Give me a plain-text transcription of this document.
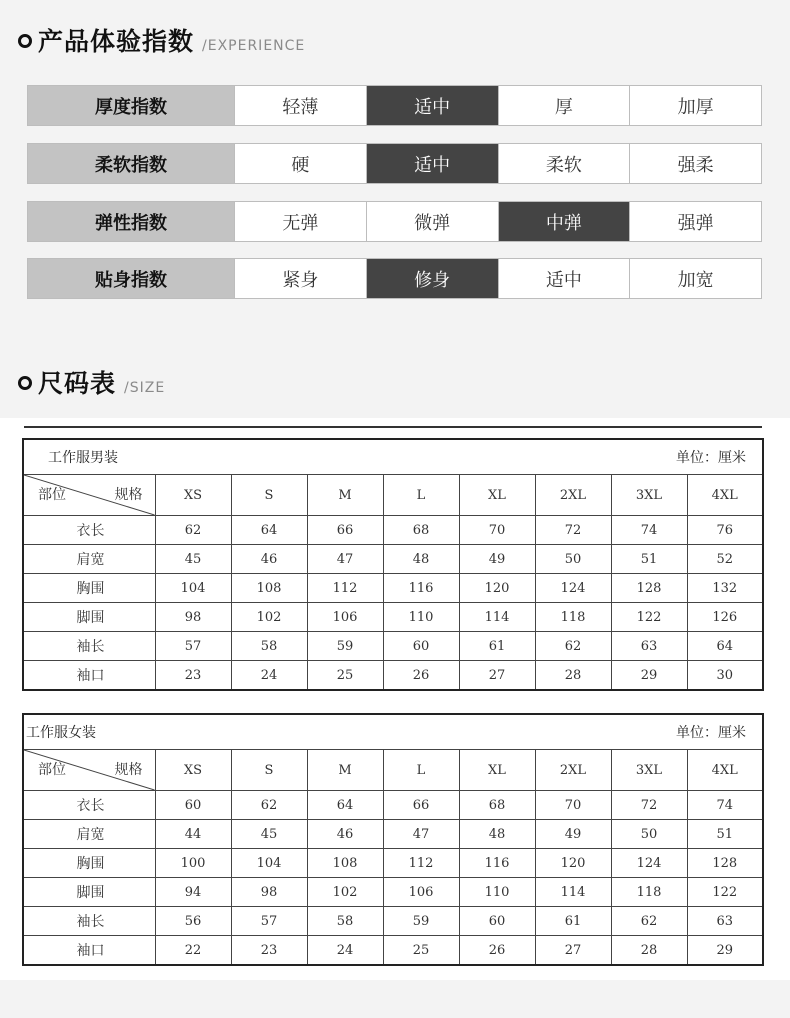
产品体验指数 /EXPERIENCE
厚度指数	轻薄	适中	厚	加厚
柔软指数	硬	适中	柔软	强柔
弹性指数	无弹	微弹	中弹	强弹
贴身指数	紧身	修身	适中	加宽
尺码表 /SIZE
工作服男装 单位：厘米								

部位 规格	XS	S	M	L	XL	2XL	3XL	4XL
衣长	62	64	66	68	70	72	74	76
肩宽	45	46	47	48	49	50	51	52
胸围	104	108	112	116	120	124	128	132
脚围	98	102	106	110	114	118	122	126
袖长	57	58	59	60	61	62	63	64
袖口	23	24	25	26	27	28	29	30
工作服女装 单位：厘米								

部位 规格	XS	S	M	L	XL	2XL	3XL	4XL
衣长	60	62	64	66	68	70	72	74
肩宽	44	45	46	47	48	49	50	51
胸围	100	104	108	112	116	120	124	128
脚围	94	98	102	106	110	114	118	122
袖长	56	57	58	59	60	61	62	63
袖口	22	23	24	25	26	27	28	29
